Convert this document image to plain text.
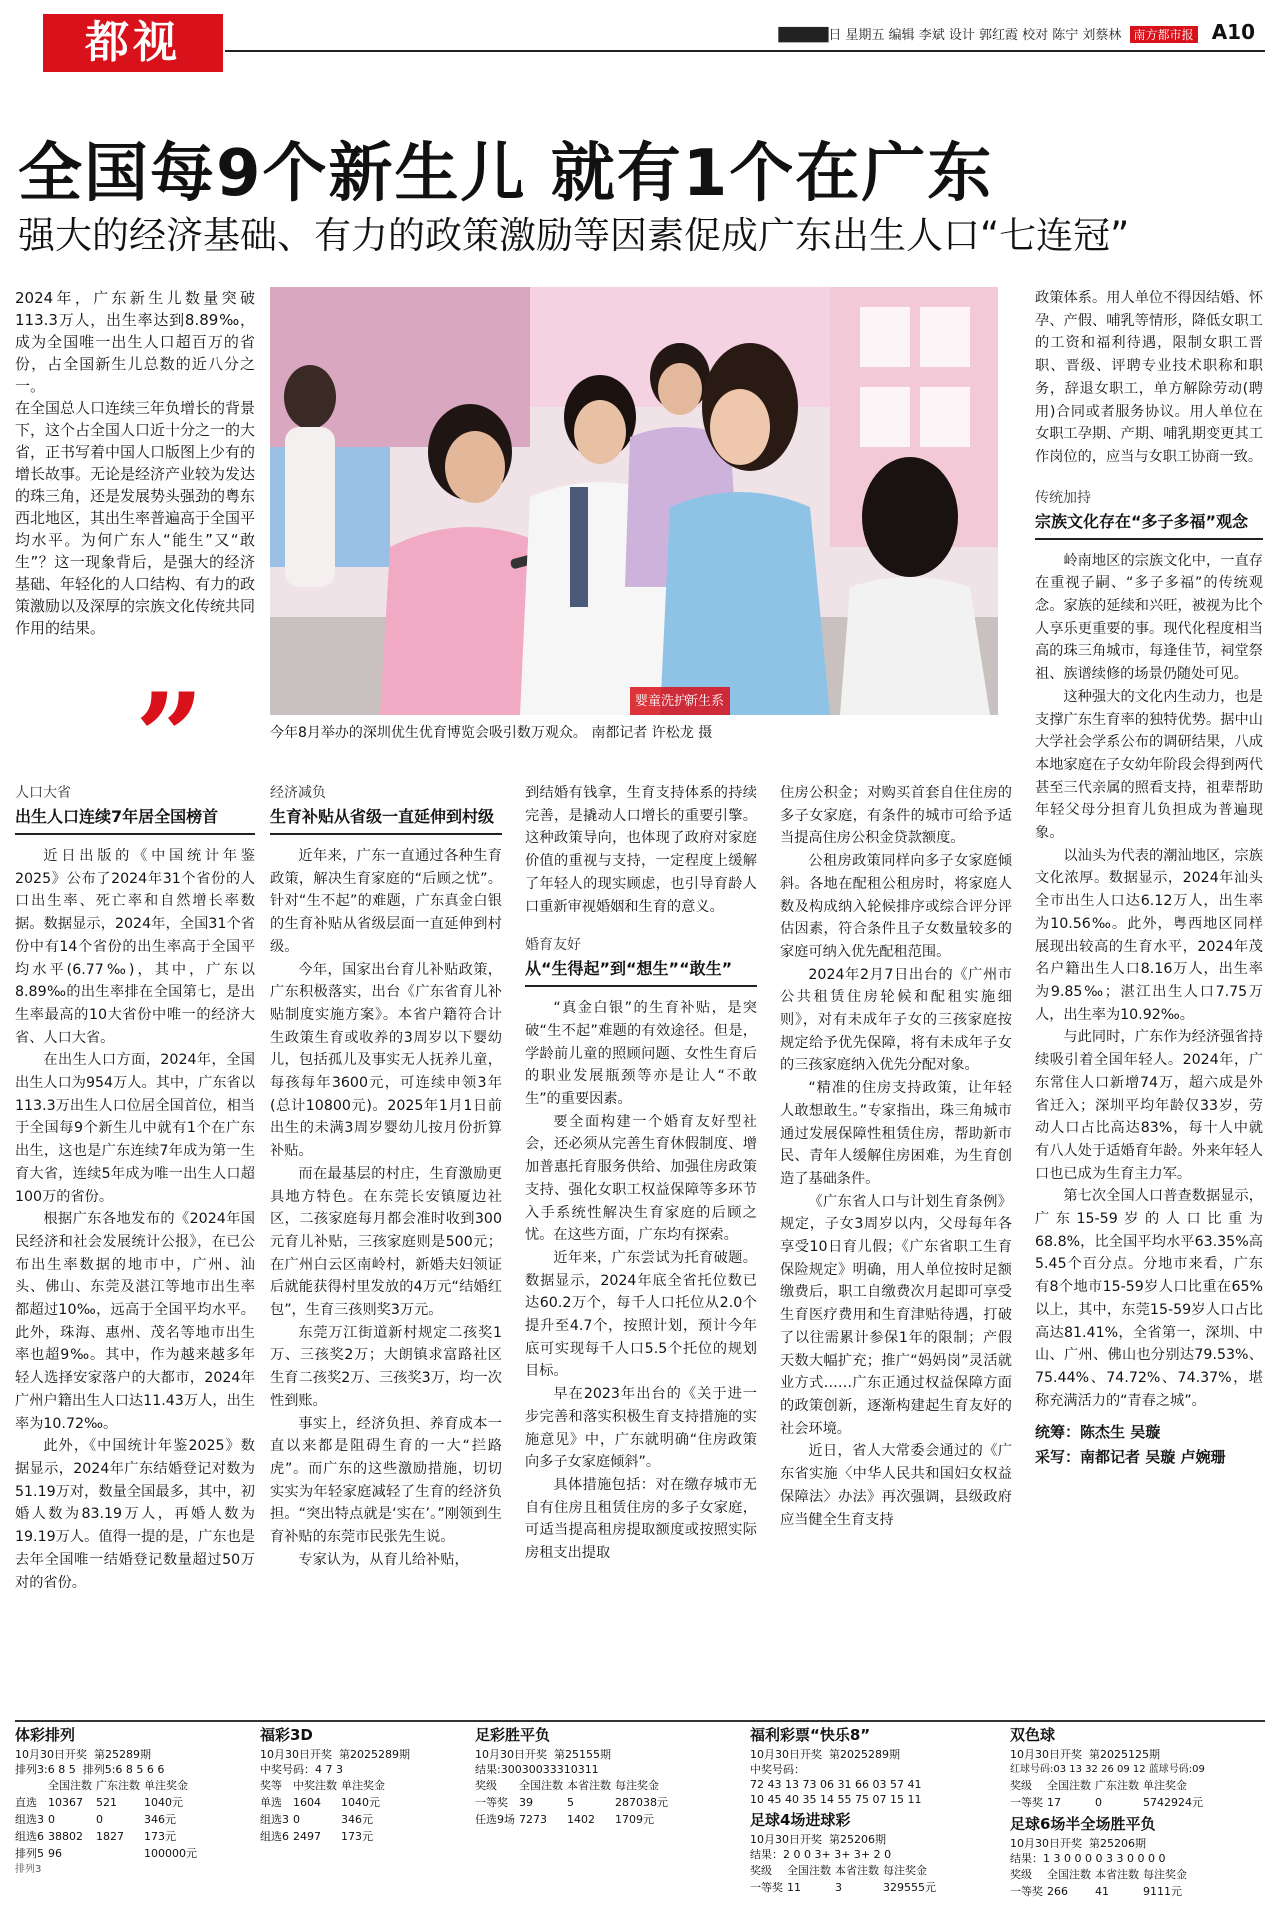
都视	█████日 星期五 编辑 李斌 设计 郭红霞 校对 陈宁 刘蔡林 南方都市报 A10
全国每9个新生儿 就有1个在广东
强大的经济基础、有力的政策激励等因素促成广东出生人口“七连冠”

2024年，广东新生儿数量突破113.3万人，出生率达到8.89‰，成为全国唯一出生人口超百万的省份，占全国新生儿总数的近八分之一。

在全国总人口连续三年负增长的背景下，这个占全国人口近十分之一的大省，正书写着中国人口版图上少有的增长故事。无论是经济产业较为发达的珠三角，还是发展势头强劲的粤东西北地区，其出生率普遍高于全国平均水平。为何广东人“能生”又“敢生”？这一现象背后，是强大的经济基础、年轻化的人口结构、有力的政策激励以及深厚的宗族文化传统共同作用的结果。

”	婴童洗护
新生系
今年8月举办的深圳优生优育博览会吸引数万观众。 南都记者 许松龙 摄

政策体系。用人单位不得因结婚、怀孕、产假、哺乳等情形，降低女职工的工资和福利待遇，限制女职工晋职、晋级、评聘专业技术职称和职务，辞退女职工，单方解除劳动(聘用)合同或者服务协议。用人单位在女职工孕期、产期、哺乳期变更其工作岗位的，应当与女职工协商一致。

传统加持
宗族文化存在“多子多福”观念

岭南地区的宗族文化中，一直存在重视子嗣、“多子多福”的传统观念。家族的延续和兴旺，被视为比个人享乐更重要的事。现代化程度相当高的珠三角城市，每逢佳节，祠堂祭祖、族谱续修的场景仍随处可见。

这种强大的文化内生动力，也是支撑广东生育率的独特优势。据中山大学社会学系公布的调研结果，八成本地家庭在子女幼年阶段会得到两代甚至三代亲属的照看支持，祖辈帮助年轻父母分担育儿负担成为普遍现象。

以汕头为代表的潮汕地区，宗族文化浓厚。数据显示，2024年汕头全市出生人口达6.12万人，出生率为10.56‰。此外，粤西地区同样展现出较高的生育水平，2024年茂名户籍出生人口8.16万人，出生率为9.85‰；湛江出生人口7.75万人，出生率为10.92‰。

与此同时，广东作为经济强省持续吸引着全国年轻人。2024年，广东常住人口新增74万，超六成是外省迁入；深圳平均年龄仅33岁，劳动人口占比高达83%，每十人中就有八人处于适婚育年龄。外来年轻人口也已成为生育主力军。

第七次全国人口普查数据显示，广东15-59岁的人口比重为68.8%，比全国平均水平63.35%高5.45个百分点。分地市来看，广东有8个地市15-59岁人口比重在65%以上，其中，东莞15-59岁人口占比高达81.41%，全省第一，深圳、中山、广州、佛山也分别达79.53%、75.44%、74.72%、74.37%，堪称充满活力的“青春之城”。

统筹：陈杰生 吴璇
采写：南都记者 吴璇 卢婉珊
人口大省
出生人口连续7年居全国榜首

近日出版的《中国统计年鉴2025》公布了2024年31个省份的人口出生率、死亡率和自然增长率数据。数据显示，2024年，全国31个省份中有14个省份的出生率高于全国平均水平(6.77‰)，其中，广东以8.89‰的出生率排在全国第七，是出生率最高的10大省份中唯一的经济大省、人口大省。

在出生人口方面，2024年，全国出生人口为954万人。其中，广东省以113.3万出生人口位居全国首位，相当于全国每9个新生儿中就有1个在广东出生，这也是广东连续7年成为第一生育大省，连续5年成为唯一出生人口超100万的省份。

根据广东各地发布的《2024年国民经济和社会发展统计公报》，在已公布出生率数据的地市中，广州、汕头、佛山、东莞及湛江等地市出生率都超过10‰，远高于全国平均水平。此外，珠海、惠州、茂名等地市出生率也超9‰。其中，作为越来越多年轻人选择安家落户的大都市，2024年广州户籍出生人口达11.43万人，出生率为10.72‰。

此外，《中国统计年鉴2025》数据显示，2024年广东结婚登记对数为51.19万对，数量全国最多，其中，初婚人数为83.19万人，再婚人数为19.19万人。值得一提的是，广东也是去年全国唯一结婚登记数量超过50万对的省份。

经济减负
生育补贴从省级一直延伸到村级

近年来，广东一直通过各种生育政策，解决生育家庭的“后顾之忧”。针对“生不起”的难题，广东真金白银的生育补贴从省级层面一直延伸到村级。

今年，国家出台育儿补贴政策，广东积极落实，出台《广东省育儿补贴制度实施方案》。本省户籍符合计生政策生育或收养的3周岁以下婴幼儿，包括孤儿及事实无人抚养儿童，每孩每年3600元，可连续申领3年(总计10800元)。2025年1月1日前出生的未满3周岁婴幼儿按月份折算补贴。

而在最基层的村庄，生育激励更具地方特色。在东莞长安镇厦边社区，二孩家庭每月都会准时收到300元育儿补贴，三孩家庭则是500元；在广州白云区南岭村，新婚夫妇领证后就能获得村里发放的4万元“结婚红包”，生育三孩则奖3万元。

东莞万江街道新村规定二孩奖1万、三孩奖2万；大朗镇求富路社区生育二孩奖2万、三孩奖3万，均一次性到账。

事实上，经济负担、养育成本一直以来都是阻碍生育的一大“拦路虎”。而广东的这些激励措施，切切实实为年轻家庭减轻了生育的经济负担。“突出特点就是‘实在’。”刚领到生育补贴的东莞市民张先生说。

专家认为，从育儿给补贴，

到结婚有钱拿，生育支持体系的持续完善，是撬动人口增长的重要引擎。这种政策导向，也体现了政府对家庭价值的重视与支持，一定程度上缓解了年轻人的现实顾虑，也引导育龄人口重新审视婚姻和生育的意义。

婚育友好
从“生得起”到“想生”“敢生”

“真金白银”的生育补贴，是突破“生不起”难题的有效途径。但是，学龄前儿童的照顾问题、女性生育后的职业发展瓶颈等亦是让人“不敢生”的重要因素。

要全面构建一个婚育友好型社会，还必须从完善生育休假制度、增加普惠托育服务供给、加强住房政策支持、强化女职工权益保障等多环节入手系统性解决生育家庭的后顾之忧。在这些方面，广东均有探索。

近年来，广东尝试为托育破题。数据显示，2024年底全省托位数已达60.2万个，每千人口托位从2.0个提升至4.7个，按照计划，预计今年底可实现每千人口5.5个托位的规划目标。

早在2023年出台的《关于进一步完善和落实积极生育支持措施的实施意见》中，广东就明确“住房政策向多子女家庭倾斜”。

具体措施包括：对在缴存城市无自有住房且租赁住房的多子女家庭，可适当提高租房提取额度或按照实际房租支出提取

住房公积金；对购买首套自住住房的多子女家庭，有条件的城市可给予适当提高住房公积金贷款额度。

公租房政策同样向多子女家庭倾斜。各地在配租公租房时，将家庭人数及构成纳入轮候排序或综合评分评估因素，符合条件且子女数量较多的家庭可纳入优先配租范围。

2024年2月7日出台的《广州市公共租赁住房轮候和配租实施细则》，对有未成年子女的三孩家庭按规定给予优先保障，将有未成年子女的三孩家庭纳入优先分配对象。

“精准的住房支持政策，让年轻人敢想敢生。”专家指出，珠三角城市通过发展保障性租赁住房，帮助新市民、青年人缓解住房困难，为生育创造了基础条件。

《广东省人口与计划生育条例》规定，子女3周岁以内，父母每年各享受10日育儿假；《广东省职工生育保险规定》明确，用人单位按时足额缴费后，职工自缴费次月起即可享受生育医疗费用和生育津贴待遇，打破了以往需累计参保1年的限制；产假天数大幅扩充；推广“妈妈岗”灵活就业方式……广东正通过权益保障方面的政策创新，逐渐构建起生育友好的社会环境。

近日，省人大常委会通过的《广东省实施〈中华人民共和国妇女权益保障法〉办法》再次强调，县级政府应当健全生育支持

体彩排列
10月30日开奖 第25289期
排列3:6 8 5 排列5:6 8 5 6 6
	全国注数	广东注数	单注奖金
直选	10367	521	1040元
组选3	0	0	346元
组选6	38802	1827	173元
排列5	96		100000元
排列3
福彩3D
10月30日开奖 第2025289期
中奖号码：4 7 3
奖等	中奖注数	单注奖金
单选	1604	1040元
组选3	0	346元
组选6	2497	173元
足彩胜平负
10月30日开奖 第25155期
结果:30030033310311
奖级	全国注数	本省注数	每注奖金
一等奖	39	5	287038元
任选9场	7273	1402	1709元
福利彩票“快乐8”
10月30日开奖 第2025289期
中奖号码：
72 43 13 73 06 31 66 03 57 41
10 45 40 35 14 55 75 07 15 11
足球4场进球彩
10月30日开奖 第25206期
结果：2 0 0 3+ 3+ 3+ 2 0
奖级	全国注数	本省注数	每注奖金
一等奖	11	3	329555元
双色球
10月30日开奖 第2025125期
红球号码:03 13 32 26 09 12 蓝球号码:09
奖级	全国注数	广东注数	单注奖金
一等奖	17	0	5742924元
足球6场半全场胜平负
10月30日开奖 第25206期
结果：1 3 0 0 0 0 3 3 0 0 0 0
奖级	全国注数	本省注数	每注奖金
一等奖	266	41	9111元
